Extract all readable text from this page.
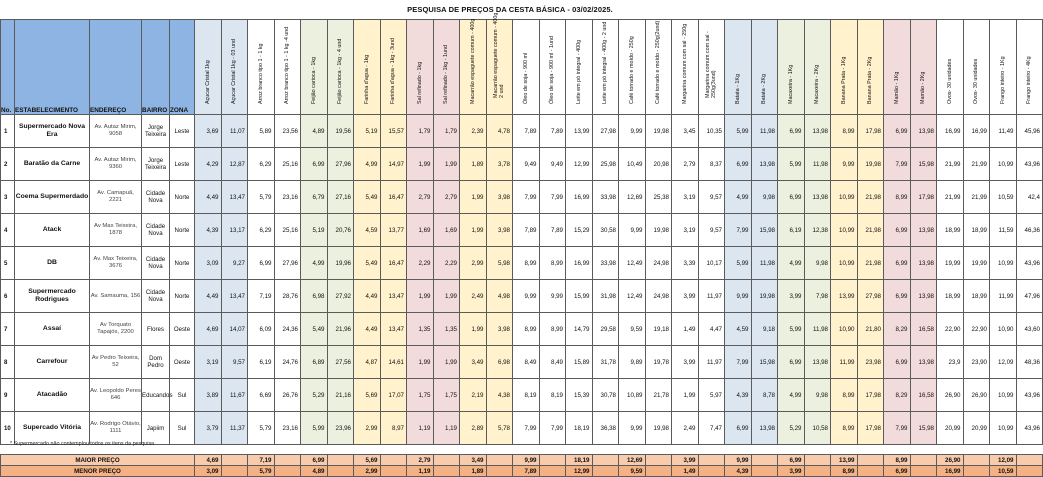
PESQUISA DE PREÇOS DA CESTA BÁSICA - 03/02/2025.
No.	ESTABELECIMENTO	ENDEREÇO	BAIRRO	ZONA	Açucar Cristal 1kg	Açucar Cristal 1kg - 03 und	Arroz branco tipo 1 - 1 kg	Arroz branco tipo 1 - 1 kg -4 und	Feijão carioca - 1kg	Feijão carioca - 1kg - 4 und	Farinha d'agua - 1kg	Farinha d'agua - 1kg - 3und	Sal refinado - 1kg	Sal refinado - 1kg - 1und	Macarrão espaguete comum - 400g	Macarrão espaguete comum - 400g 2 und	Óleo de soja - 900 ml	Óleo de soja - 900 ml - 1und	Leite em pó integral - 400g	Leite em pó integral - 400g - 2 und	Café torrado e moído - 250g	Café torrado e moído - 250g(2und)	Margarina comum com sal - 250g	Margarina comum com sal - 250g(3und)	Batata - 1Kg	Batata - 2Kg	Macaxeira - 1Kg	Macaxeira - 2Kg	Banana Prata - 1Kg	Banana Prata - 2Kg	Mamão - 1Kg	Mamão - 2Kg	Ovos- 30 unidades	Ovos- 30 unidades	Frango inteiro - 1Kg	Frango inteiro - 4Kg

1	Supermercado Nova Era	Av. Autaz Mirim, 9058	Jorge Teixeira	Leste	3,69	11,07	5,89	23,56	4,89	19,56	5,19	15,57	1,79	1,79	2,39	4,78	7,89	7,89	13,99	27,98	9,99	19,98	3,45	10,35	5,99	11,98	6,99	13,98	8,99	17,98	6,99	13,98	16,99	16,99	11,49	45,96	
2	Baratão da Carne	Av. Autaz Mirim, 9360	Jorge Teixeira	Leste	4,29	12,87	6,29	25,16	6,99	27,96	4,99	14,97	1,99	1,99	1,89	3,78	9,49	9,49	12,99	25,98	10,49	20,98	2,79	8,37	6,99	13,98	5,99	11,98	9,99	19,98	7,99	15,98	21,99	21,99	10,99	43,96	
3	Coema Supermerdado	Av. Camapuã, 2221	Cidade Nova	Norte	4,49	13,47	5,79	23,16	6,79	27,16	5,49	16,47	2,79	2,79	1,99	3,98	7,99	7,99	16,99	33,98	12,69	25,38	3,19	9,57	4,99	9,98	6,99	13,98	10,99	21,98	8,99	17,98	21,99	21,99	10,59	42,4	
4	Atack	Av Max Teixeira, 1878	Cidade Nova	Norte	4,39	13,17	6,29	25,16	5,19	20,76	4,59	13,77	1,69	1,69	1,99	3,98	7,89	7,89	15,29	30,58	9,99	19,98	3,19	9,57	7,99	15,98	6,19	12,38	10,99	21,98	6,99	13,98	18,99	18,99	11,59	46,36	
5	DB	Av. Max Teixeira, 3676	Cidade Nova	Norte	3,09	9,27	6,99	27,96	4,99	19,96	5,49	16,47	2,29	2,29	2,99	5,98	8,99	8,99	16,99	33,98	12,49	24,98	3,39	10,17	5,99	11,98	4,99	9,98	10,99	21,98	6,99	13,98	19,99	19,99	10,99	43,96	
6	Supermercado Rodrigues	Av. Samauma, 156	Cidade Nova	Norte	4,49	13,47	7,19	28,76	6,98	27,92	4,49	13,47	1,99	1,99	2,49	4,98	9,99	9,99	15,99	31,98	12,49	24,98	3,99	11,97	9,99	19,98	3,99	7,98	13,99	27,98	6,99	13,98	18,99	18,99	11,99	47,96	
7	Assaí	Av Torquato Tapajós, 2200	Flores	Oeste	4,69	14,07	6,09	24,36	5,49	21,96	4,49	13,47	1,35	1,35	1,99	3,98	8,99	8,99	14,79	29,58	9,59	19,18	1,49	4,47	4,59	9,18	5,99	11,98	10,90	21,80	8,29	16,58	22,90	22,90	10,90	43,60	
8	Carrefour	Av Pedro Teixeira, 52	Dom Pedro	Oeste	3,19	9,57	6,19	24,76	6,89	27,56	4,87	14,61	1,99	1,99	3,49	6,98	8,49	8,49	15,89	31,78	9,89	19,78	3,99	11,97	7,99	15,98	6,99	13,98	11,99	23,98	6,99	13,98	23,9	23,90	12,09	48,36	
9	Atacadão	Av. Leopoldo Peres 646	Educandos	Sul	3,89	11,67	6,69	26,76	5,29	21,16	5,69	17,07	1,75	1,75	2,19	4,38	8,19	8,19	15,39	30,78	10,89	21,78	1,99	5,97	4,39	8,78	4,99	9,98	8,99	17,98	8,29	16,58	26,90	26,90	10,99	43,96	
10	Supercado Vitória	Av. Rodrigo Otávio, 1111	Japiim	Sul	3,79	11,37	5,79	23,16	5,99	23,96	2,99	8,97	1,19	1,19	2,89	5,78	7,99	7,99	18,19	36,38	9,99	19,98	2,49	7,47	6,99	13,98	5,29	10,58	8,99	17,98	7,99	15,98	20,99	20,99	10,99	43,96	

MAIOR PREÇO					4,69		7,19		6,99		5,69		2,79		3,49		9,99		18,19		12,69		3,99		9,99		6,99		13,99		8,99		26,90		12,09		
MENOR PREÇO					3,09		5,79		4,89		2,99		1,19		1,89		7,89		12,99		9,59		1,49		4,39		3,99		8,99		6,99		16,99		10,59		
* Supermercado não contemplou todos os itens da pesquisa
